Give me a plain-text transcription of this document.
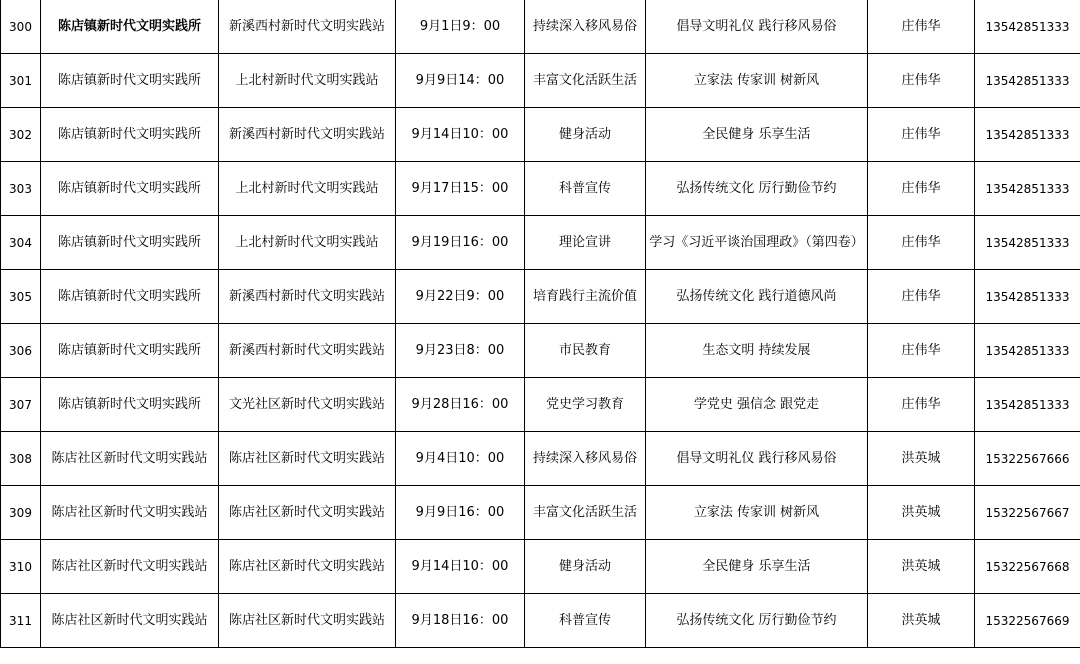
300	陈店镇新时代文明实践所	新溪西村新时代文明实践站	9月1日9：00	持续深入移风易俗	倡导文明礼仪 践行移风易俗	庄伟华	13542851333
301	陈店镇新时代文明实践所	上北村新时代文明实践站	9月9日14：00	丰富文化活跃生活	立家法 传家训 树新风	庄伟华	13542851333
302	陈店镇新时代文明实践所	新溪西村新时代文明实践站	9月14日10：00	健身活动	全民健身 乐享生活	庄伟华	13542851333
303	陈店镇新时代文明实践所	上北村新时代文明实践站	9月17日15：00	科普宣传	弘扬传统文化 厉行勤俭节约	庄伟华	13542851333
304	陈店镇新时代文明实践所	上北村新时代文明实践站	9月19日16：00	理论宣讲	学习《习近平谈治国理政》（第四卷）	庄伟华	13542851333
305	陈店镇新时代文明实践所	新溪西村新时代文明实践站	9月22日9：00	培育践行主流价值	弘扬传统文化 践行道德风尚	庄伟华	13542851333
306	陈店镇新时代文明实践所	新溪西村新时代文明实践站	9月23日8：00	市民教育	生态文明 持续发展	庄伟华	13542851333
307	陈店镇新时代文明实践所	文光社区新时代文明实践站	9月28日16：00	党史学习教育	学党史 强信念 跟党走	庄伟华	13542851333
308	陈店社区新时代文明实践站	陈店社区新时代文明实践站	9月4日10：00	持续深入移风易俗	倡导文明礼仪 践行移风易俗	洪英城	15322567666
309	陈店社区新时代文明实践站	陈店社区新时代文明实践站	9月9日16：00	丰富文化活跃生活	立家法 传家训 树新风	洪英城	15322567667
310	陈店社区新时代文明实践站	陈店社区新时代文明实践站	9月14日10：00	健身活动	全民健身 乐享生活	洪英城	15322567668
311	陈店社区新时代文明实践站	陈店社区新时代文明实践站	9月18日16：00	科普宣传	弘扬传统文化 厉行勤俭节约	洪英城	15322567669
